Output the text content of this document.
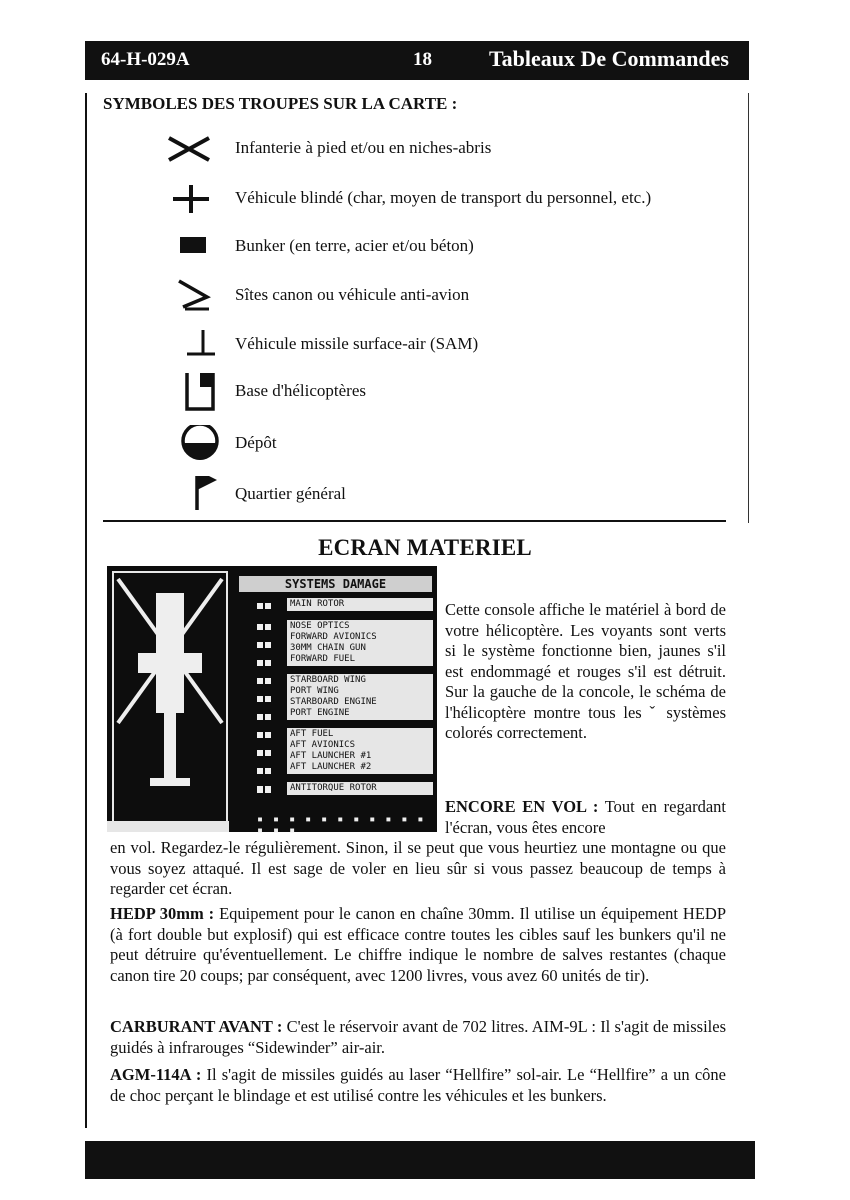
64-H-029A	18	Tableaux De Commandes
SYMBOLES DES TROUPES SUR LA CARTE :
Infanterie à pied et/ou en niches-abris
Véhicule blindé (char, moyen de transport du personnel, etc.)
Bunker (en terre, acier et/ou béton)
Sîtes canon ou véhicule anti-avion
Véhicule missile surface-air (SAM)
Base d'hélicoptères
Dépôt
Quartier général
ECRAN MATERIEL
SYSTEMS DAMAGE
MAIN ROTOR
NOSE OPTICS
FORWARD AVIONICS
30MM CHAIN GUN
FORWARD FUEL
STARBOARD WING
PORT WING
STARBOARD ENGINE
PORT ENGINE
AFT FUEL
AFT AVIONICS
AFT LAUNCHER #1
AFT LAUNCHER #2
ANTITORQUE ROTOR
▪ ▪ ▪ ▪ ▪ ▪ ▪ ▪ ▪ ▪ ▪ ▪ ▪ ▪
Cette console affiche le matériel à bord de votre hélicoptère. Les voyants sont verts si le système fonctionne bien, jaunes s'il est endommagé et rouges s'il est détruit. Sur la gauche de la concole, le schéma de l'hélicoptère montre tous les ˇ systèmes colorés correctement.
ENCORE EN VOL : Tout en regardant l'écran, vous êtes encore
en vol. Regardez-le régulièrement. Sinon, il se peut que vous heurtiez une montagne ou que vous soyez attaqué. Il est sage de voler en lieu sûr si vous passez beaucoup de temps à regarder cet écran.
HEDP 30mm : Equipement pour le canon en chaîne 30mm. Il utilise un équipement HEDP (à fort double but explosif) qui est efficace contre toutes les cibles sauf les bunkers qu'il ne peut détruire qu'éventuellement. Le chiffre indique le nombre de salves restantes (chaque canon tire 20 coups; par conséquent, avec 1200 livres, vous avez 60 unités de tir).
CARBURANT AVANT : C'est le réservoir avant de 702 litres. AIM-9L : Il s'agit de missiles guidés à infrarouges “Sidewinder” air-air.
AGM-114A : Il s'agit de missiles guidés au laser “Hellfire” sol-air. Le “Hellfire” a un cône de choc perçant le blindage et est utilisé contre les véhicules et les bunkers.
